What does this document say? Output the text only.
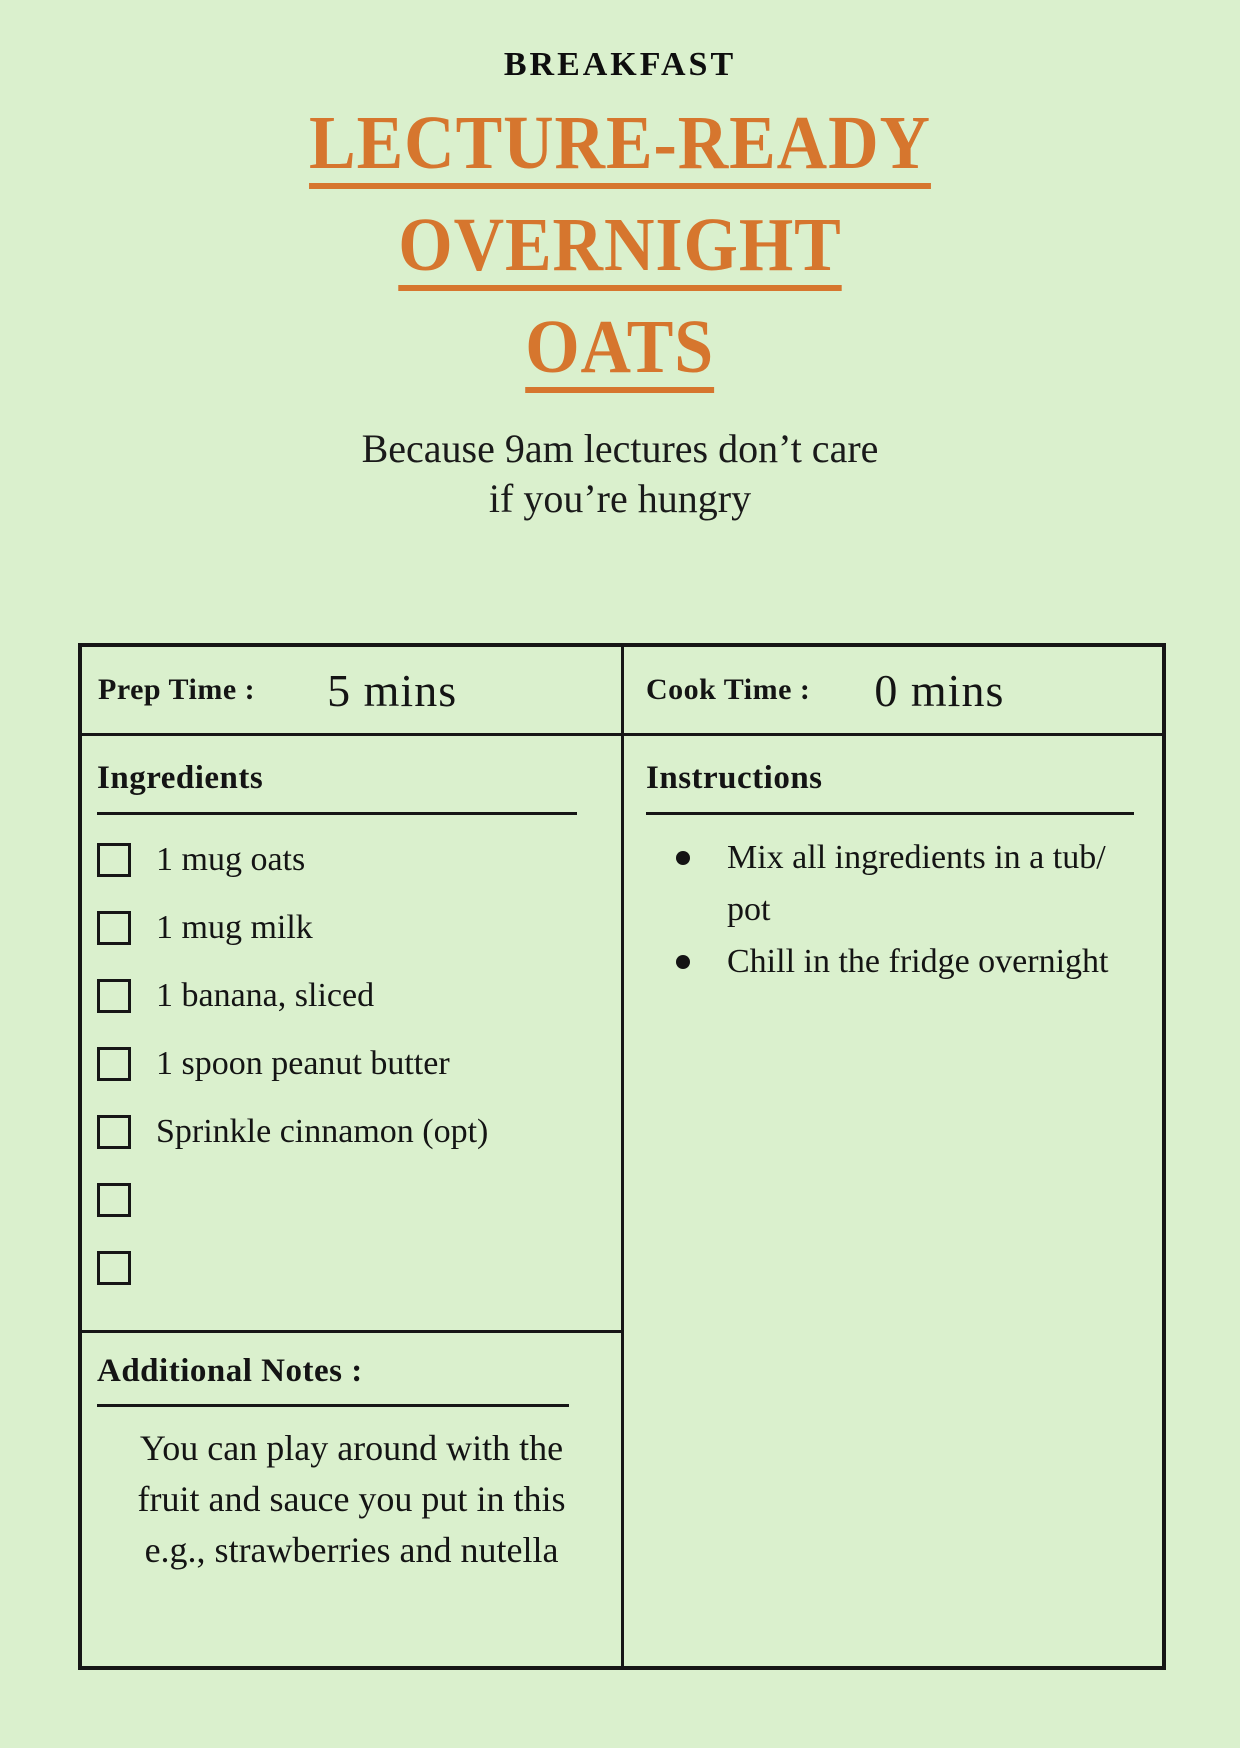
BREAKFAST
LECTURE-READY
OVERNIGHT
OATS

Because 9am lectures don’t care
if you’re hungry

Prep Time : 5 mins	Cook Time : 0 mins
Ingredients
1 mug oats
1 mug milk
1 banana, sliced
1 spoon peanut butter
Sprinkle cinnamon (opt)
Instructions
Mix all ingredients in a tub/ pot
Chill in the fridge overnight
Additional Notes :

You can play around with the fruit and sauce you put in this e.g., strawberries and nutella
